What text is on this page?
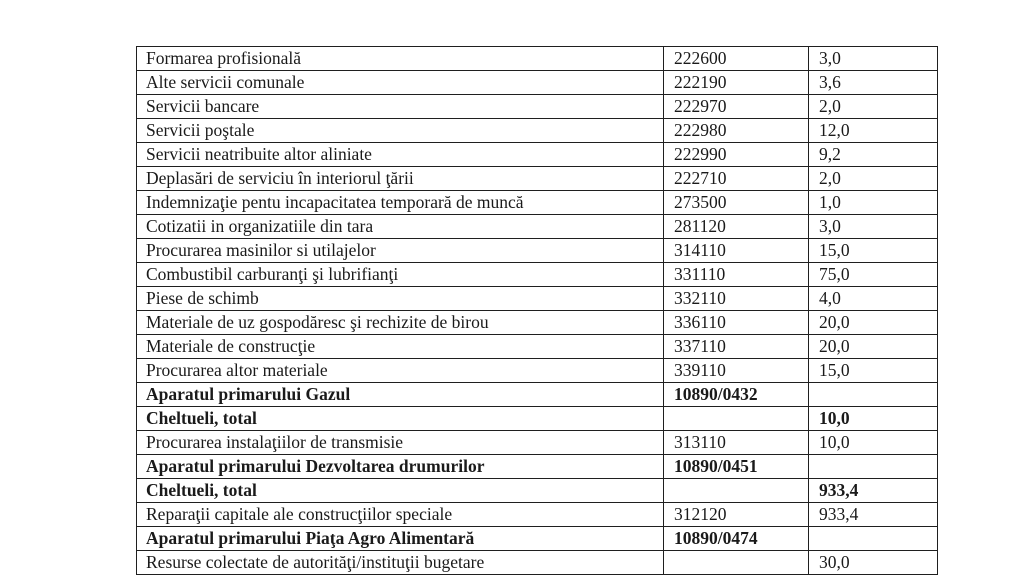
Formarea profisională	222600	3,0
Alte servicii comunale	222190	3,6
Servicii bancare	222970	2,0
Servicii poştale	222980	12,0
Servicii neatribuite altor aliniate	222990	9,2
Deplasări de serviciu în interiorul ţării	222710	2,0
Indemnizaţie pentu incapacitatea temporară de muncă	273500	1,0
Cotizatii in organizatiile din tara	281120	3,0
Procurarea masinilor si utilajelor	314110	15,0
Combustibil carburanţi şi lubrifianţi	331110	75,0
Piese de schimb	332110	4,0
Materiale de uz gospodăresc şi rechizite de birou	336110	20,0
Materiale de construcţie	337110	20,0
Procurarea altor materiale	339110	15,0
Aparatul primarului Gazul	10890/0432	
Cheltueli, total		10,0
Procurarea instalaţiilor de transmisie	313110	10,0
Aparatul primarului Dezvoltarea drumurilor	10890/0451	
Cheltueli, total		933,4
Reparaţii capitale ale construcţiilor speciale	312120	933,4
Aparatul primarului Piaţa Agro Alimentară	10890/0474	
Resurse colectate de autorităţi/instituţii bugetare		30,0
